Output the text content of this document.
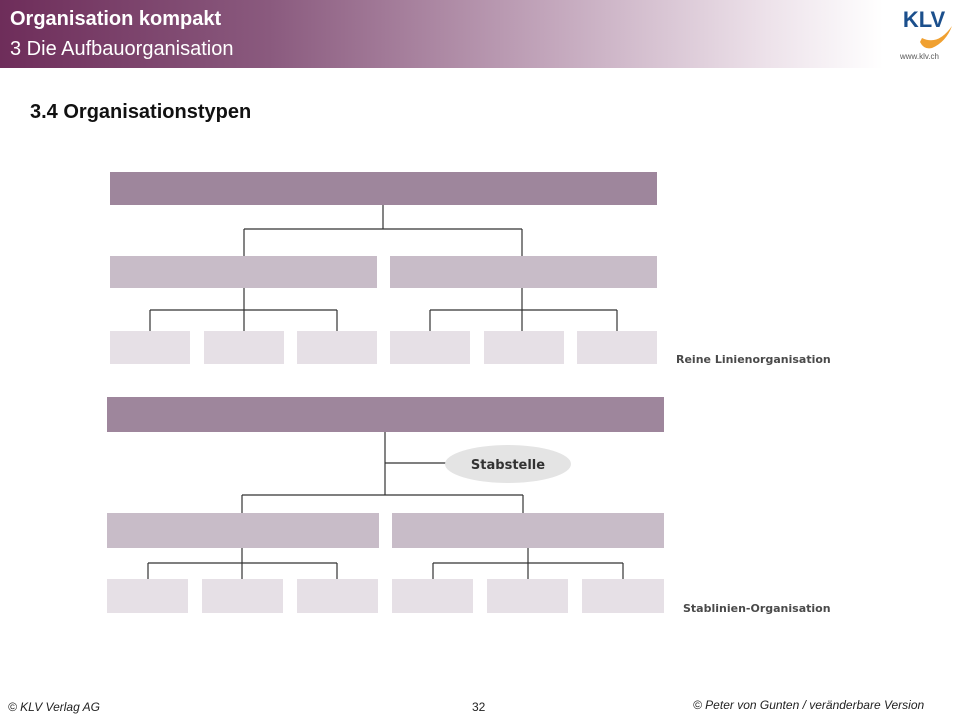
Organisation kompakt
3 Die Aufbauorganisation
KLV
www.klv.ch
3.4 Organisationstypen
Reine Linienorganisation
Stabstelle
Stablinien-Organisation
© KLV Verlag AG	32	© Peter von Gunten / veränderbare Version
